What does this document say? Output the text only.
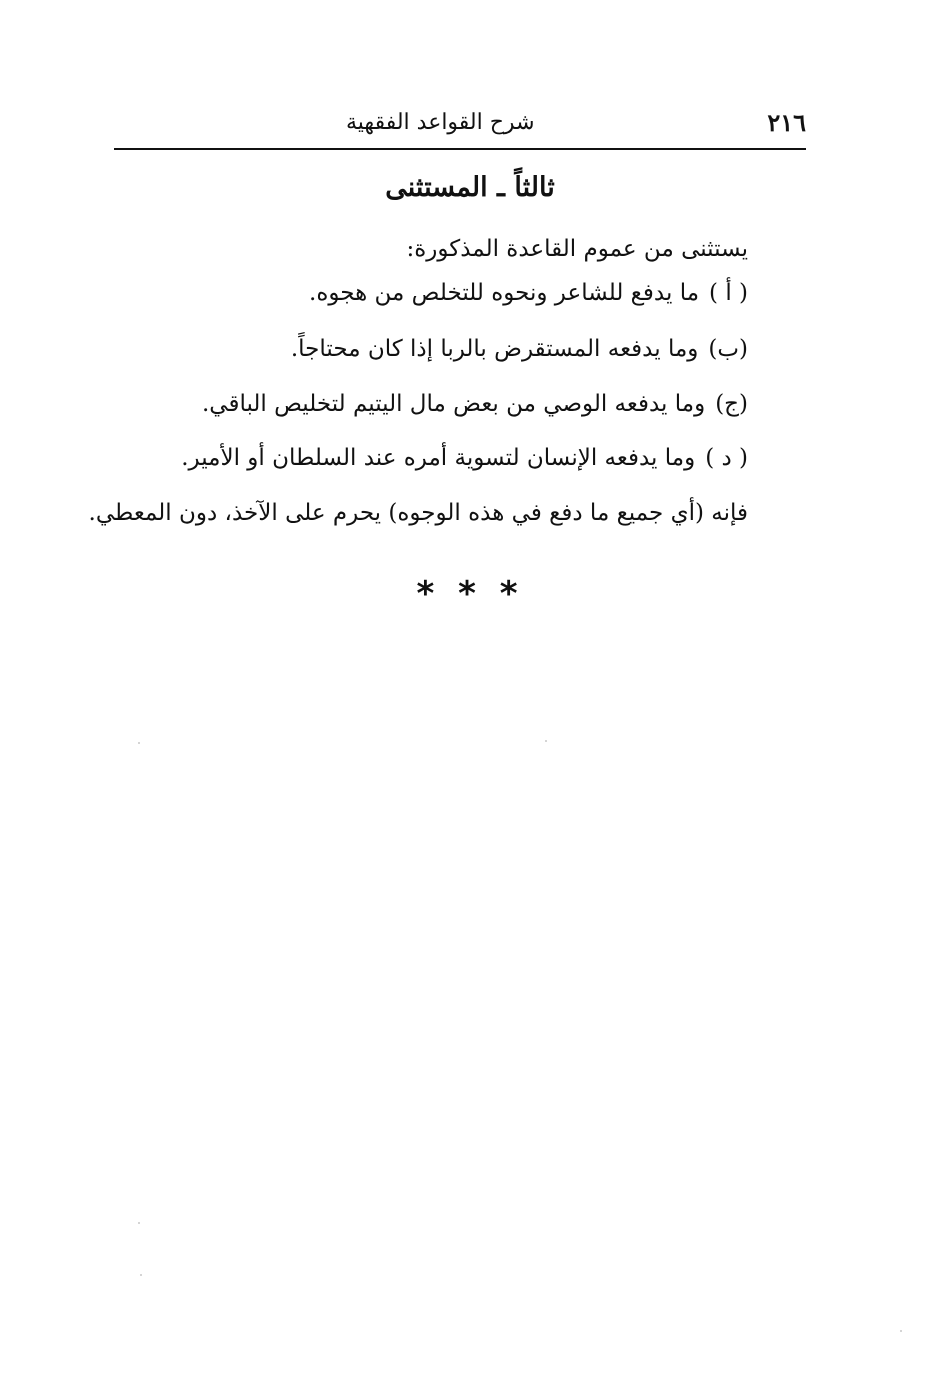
٢١٦
شرح القواعد الفقهية
ثالثاً ـ المستثنى
يستثنى من عموم القاعدة المذكورة:
( أ )ما يدفع للشاعر ونحوه للتخلص من هجوه.
(ب)وما يدفعه المستقرض بالربا إذا كان محتاجاً.
(ج)وما يدفعه الوصي من بعض مال اليتيم لتخليص الباقي.
( د )وما يدفعه الإنسان لتسوية أمره عند السلطان أو الأمير.
فإنه (أي جميع ما دفع في هذه الوجوه) يحرم على الآخذ، دون المعطي.
* * *
